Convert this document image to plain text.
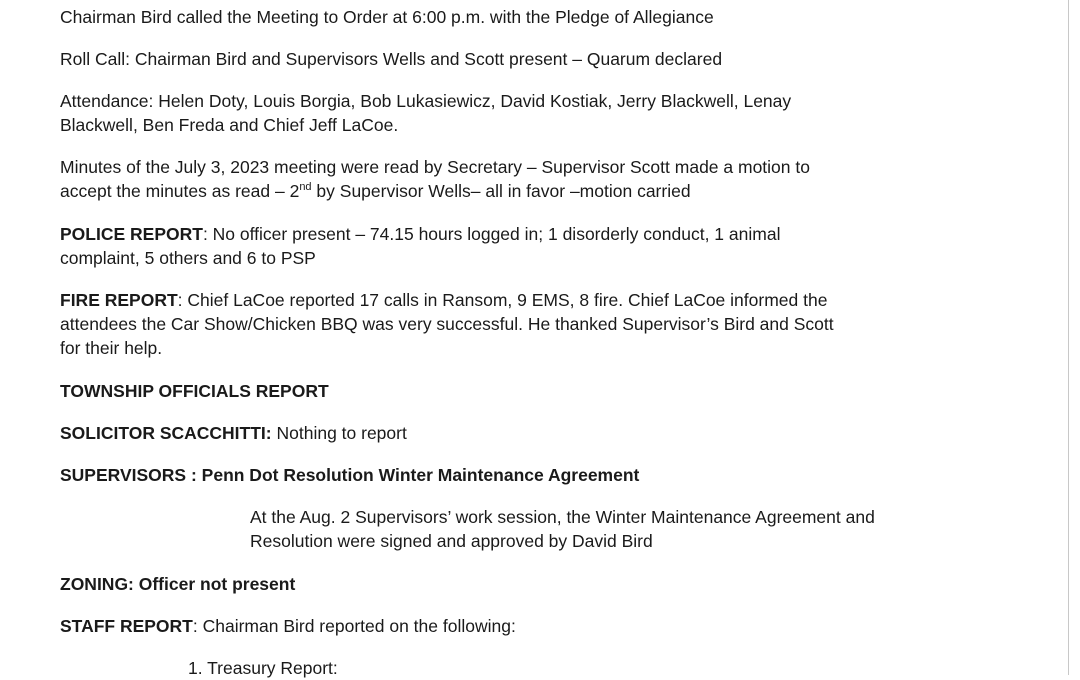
Chairman Bird called the Meeting to Order at 6:00 p.m. with the Pledge of Allegiance

Roll Call: Chairman Bird and Supervisors Wells and Scott present – Quarum declared

Attendance: Helen Doty, Louis Borgia, Bob Lukasiewicz, David Kostiak, Jerry Blackwell, Lenay

Blackwell, Ben Freda and Chief Jeff LaCoe.

Minutes of the July 3, 2023 meeting were read by Secretary – Supervisor Scott made a motion to

accept the minutes as read – 2nd by Supervisor Wells– all in favor –motion carried

POLICE REPORT: No officer present – 74.15 hours logged in; 1 disorderly conduct, 1 animal

complaint, 5 others and 6 to PSP

FIRE REPORT: Chief LaCoe reported 17 calls in Ransom, 9 EMS, 8 fire. Chief LaCoe informed the

attendees the Car Show/Chicken BBQ was very successful. He thanked Supervisor’s Bird and Scott

for their help.

TOWNSHIP OFFICIALS REPORT

SOLICITOR SCACCHITTI: Nothing to report

SUPERVISORS : Penn Dot Resolution Winter Maintenance Agreement

At the Aug. 2 Supervisors’ work session, the Winter Maintenance Agreement and

Resolution were signed and approved by David Bird

ZONING: Officer not present

STAFF REPORT: Chairman Bird reported on the following:

1. Treasury Report:
